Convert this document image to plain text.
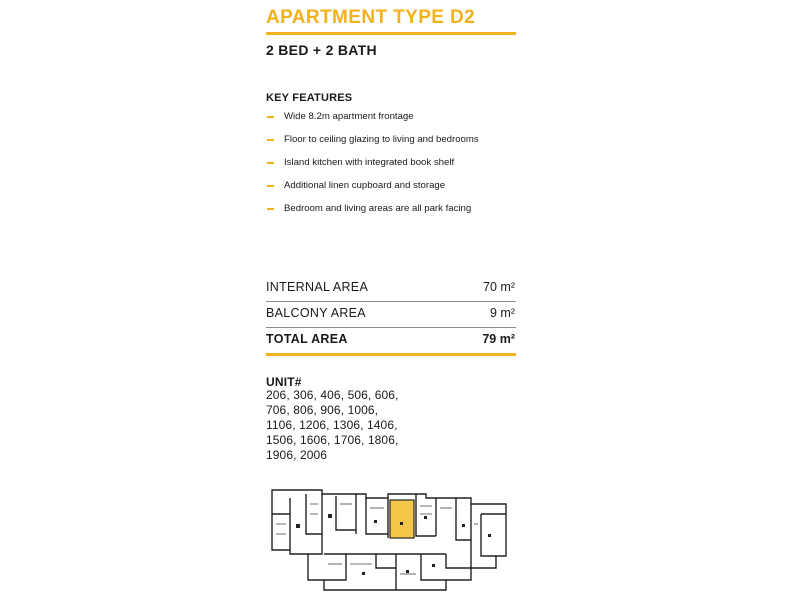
APARTMENT TYPE D2
2 BED + 2 BATH
KEY FEATURES
Wide 8.2m apartment frontage
Floor to ceiling glazing to living and bedrooms
Island kitchen with integrated book shelf
Additional linen cupboard and storage
Bedroom and living areas are all park facing
INTERNAL AREA	70 m²
BALCONY AREA	9 m²
TOTAL AREA	79 m²
UNIT#
206, 306, 406, 506, 606, 706, 806, 906, 1006, 1106, 1206, 1306, 1406, 1506, 1606, 1706, 1806, 1906, 2006
